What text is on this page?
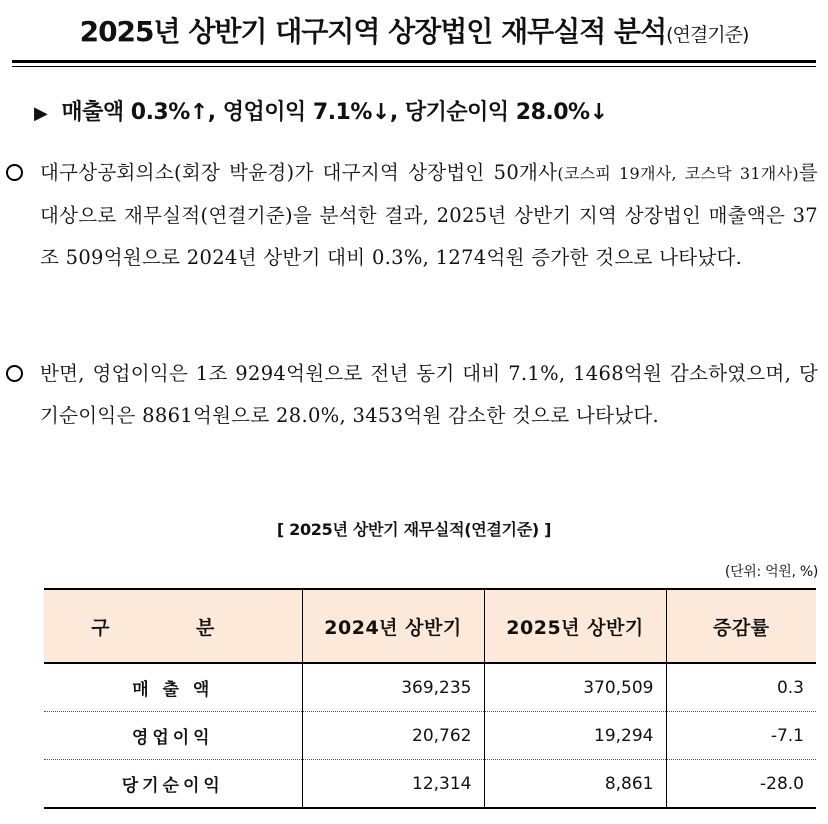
2025년 상반기 대구지역 상장법인 재무실적 분석(연결기준)
▶ 매출액 0.3%↑, 영업이익 7.1%↓, 당기순이익 28.0%↓
대구상공회의소(회장 박윤경)가 대구지역 상장법인 50개사(코스피 19개사, 코스닥 31개사)를 대상으로 재무실적(연결기준)을 분석한 결과, 2025년 상반기 지역 상장법인 매출액은 37조 509억원으로 2024년 상반기 대비 0.3%, 1274억원 증가한 것으로 나타났다.
반면, 영업이익은 1조 9294억원으로 전년 동기 대비 7.1%, 1468억원 감소하였으며, 당기순이익은 8861억원으로 28.0%, 3453억원 감소한 것으로 나타났다.
[ 2025년 상반기 재무실적(연결기준) ]
(단위: 억원, %)
구 분	2024년 상반기	2025년 상반기	증감률
매 출 액	369,235	370,509	0.3
영업이익	20,762	19,294	-7.1
당기순이익	12,314	8,861	-28.0
